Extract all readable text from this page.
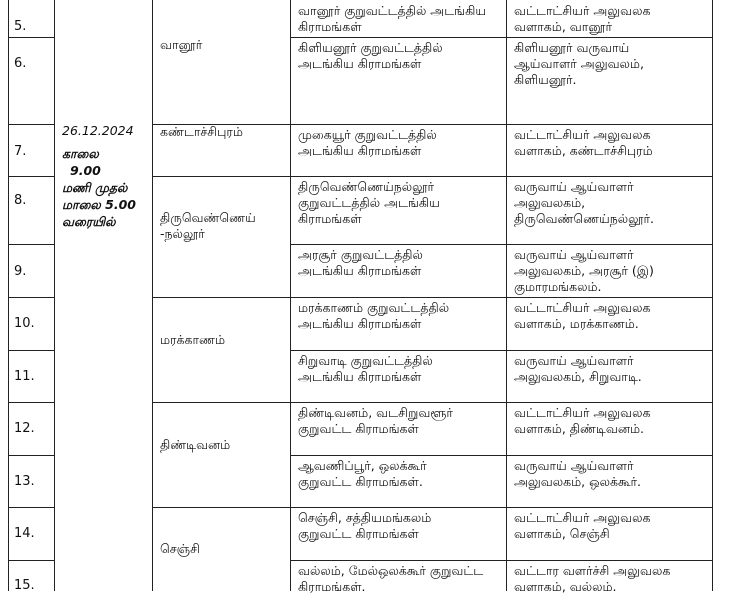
5.
6.
7.
8.
9.
10.
11.
12.
13.
14.
15.
26.12.2024
காலை
9.00
மணி முதல்
மாலை 5.00
வரையில்
வானூர்
கண்டாச்சிபுரம்
திருவெண்ணெய்
-நல்லூர்
மரக்காணம்
திண்டிவனம்
செஞ்சி
வானூர் குறுவட்டத்தில் அடங்கிய
கிராமங்கள்
கிளியனூர் குறுவட்டத்தில்
அடங்கிய கிராமங்கள்
முகையூர் குறுவட்டத்தில்
அடங்கிய கிராமங்கள்
திருவெண்ணெய்நல்லூர்
குறுவட்டத்தில் அடங்கிய
கிராமங்கள்
அரசூர் குறுவட்டத்தில்
அடங்கிய கிராமங்கள்
மரக்காணம் குறுவட்டத்தில்
அடங்கிய கிராமங்கள்
சிறுவாடி குறுவட்டத்தில்
அடங்கிய கிராமங்கள்
திண்டிவனம், வடசிறுவளூர்
குறுவட்ட கிராமங்கள்
ஆவணிப்பூர், ஒலக்கூர்
குறுவட்ட கிராமங்கள்.
செஞ்சி, சத்தியமங்கலம்
குறுவட்ட கிராமங்கள்
வல்லம், மேல்ஒலக்கூர் குறுவட்ட
கிராமங்கள்.
வட்டாட்சியர் அலுவலக
வளாகம், வானூர்
கிளியனூர் வருவாய்
ஆய்வாளர் அலுவலம்,
கிளியனூர்.
வட்டாட்சியர் அலுவலக
வளாகம், கண்டாச்சிபுரம்
வருவாய் ஆய்வாளர்
அலுவலகம்,
திருவெண்ணெய்நல்லூர்.
வருவாய் ஆய்வாளர்
அலுவலகம், அரசூர் (இ)
குமாரமங்கலம்.
வட்டாட்சியர் அலுவலக
வளாகம், மரக்காணம்.
வருவாய் ஆய்வாளர்
அலுவலகம், சிறுவாடி.
வட்டாட்சியர் அலுவலக
வளாகம், திண்டிவனம்.
வருவாய் ஆய்வாளர்
அலுவலகம், ஒலக்கூர்.
வட்டாட்சியர் அலுவலக
வளாகம், செஞ்சி
வட்டார வளர்ச்சி அலுவலக
வளாகம், வல்லம்.
